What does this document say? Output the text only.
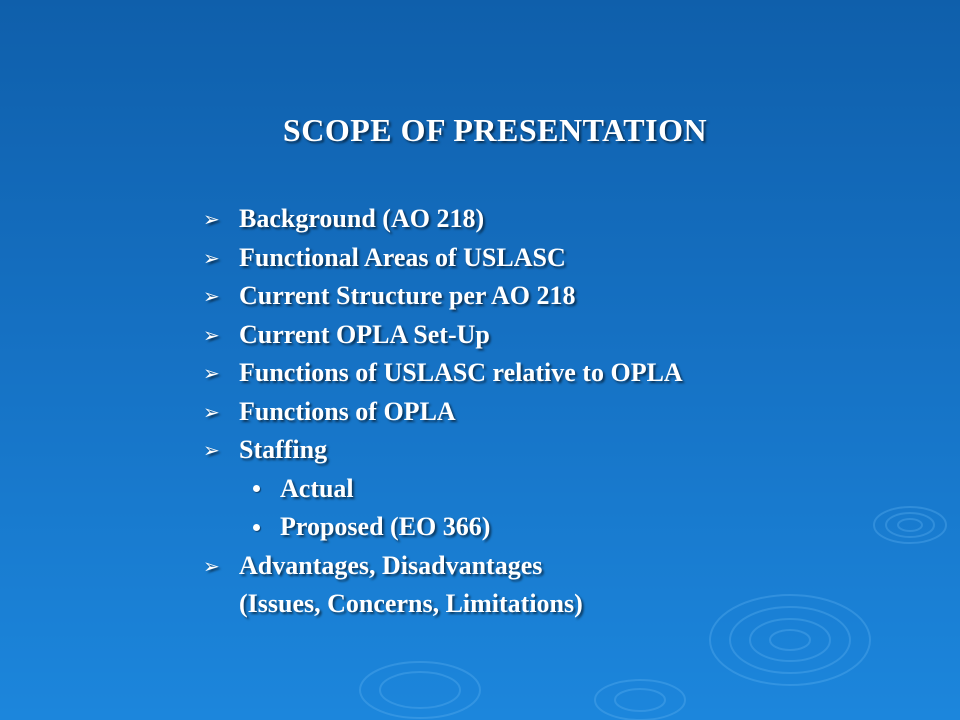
SCOPE OF PRESENTATION
➢ Background (AO 218)
➢ Functional Areas of USLASC
➢ Current Structure per AO 218
➢ Current OPLA Set-Up
➢ Functions of USLASC relative to OPLA
➢ Functions of OPLA
➢ Staffing
Actual
Proposed (EO 366)
➢ Advantages, Disadvantages
(Issues, Concerns, Limitations)
